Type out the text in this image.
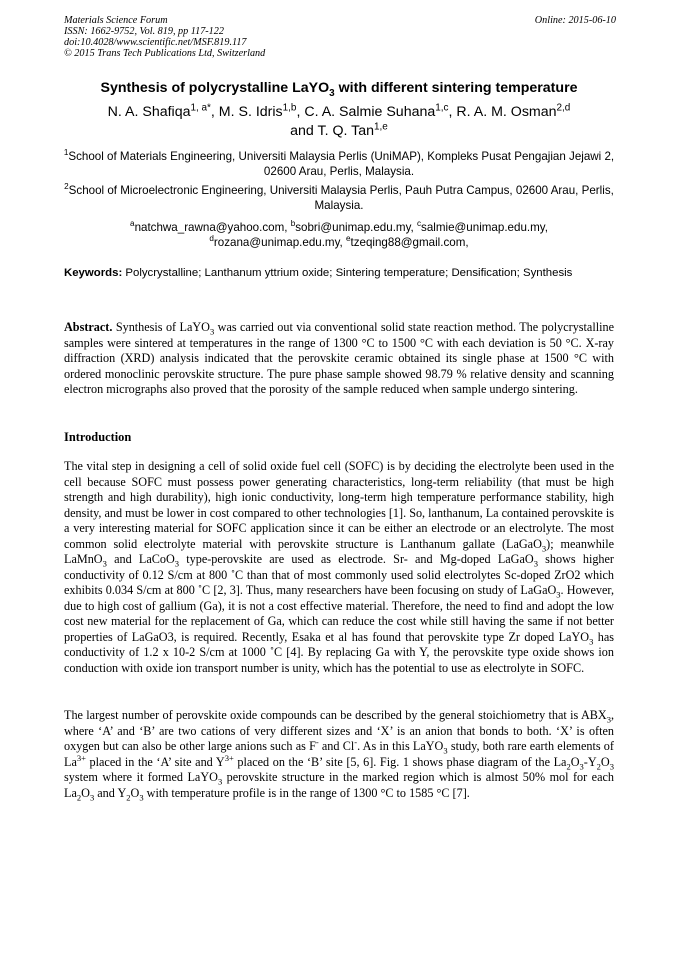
Materials Science Forum
ISSN: 1662-9752, Vol. 819, pp 117-122
doi:10.4028/www.scientific.net/MSF.819.117
© 2015 Trans Tech Publications Ltd, Switzerland
Online: 2015-06-10
Synthesis of polycrystalline LaYO$_3$ with different sintering temperature
N. A. Shafiqa$^{1, a*}$, M. S. Idris$^{1,b}$, C. A. Salmie Suhana$^{1,c}$, R. A. M. Osman$^{2,d}$
and T. Q. Tan$^{1,e}$
$^1$School of Materials Engineering, Universiti Malaysia Perlis (UniMAP), Kompleks Pusat Pengajian Jejawi 2, 02600 Arau, Perlis, Malaysia.
$^2$School of Microelectronic Engineering, Universiti Malaysia Perlis, Pauh Putra Campus, 02600 Arau, Perlis, Malaysia.
$^a$natchwa_rawna@yahoo.com, $^b$sobri@unimap.edu.my, $^c$salmie@unimap.edu.my,
$^d$rozana@unimap.edu.my, $^e$tzeqing88@gmail.com,
Keywords: Polycrystalline; Lanthanum yttrium oxide; Sintering temperature; Densification; Synthesis
Abstract. Synthesis of LaYO$_3$ was carried out via conventional solid state reaction method. The polycrystalline samples were sintered at temperatures in the range of 1300 °C to 1500 °C with each deviation is 50 °C. X-ray diffraction (XRD) analysis indicated that the perovskite ceramic obtained its single phase at 1500 °C with ordered monoclinic perovskite structure. The pure phase sample showed 98.79 % relative density and scanning electron micrographs also proved that the porosity of the sample reduced when sample undergo sintering.
Introduction
The vital step in designing a cell of solid oxide fuel cell (SOFC) is by deciding the electrolyte been used in the cell because SOFC must possess power generating characteristics, long-term reliability (that must be high strength and high durability), high ionic conductivity, long-term high temperature performance stability, high density, and must be lower in cost compared to other technologies [1]. So, lanthanum, La contained perovskite is a very interesting material for SOFC application since it can be either an electrode or an electrolyte. The most common solid electrolyte material with perovskite structure is Lanthanum gallate (LaGaO$_3$); meanwhile LaMnO$_3$ and LaCoO$_3$ type-perovskite are used as electrode. Sr- and Mg-doped LaGaO$_3$ shows higher conductivity of 0.12 S/cm at 800 ˚C than that of most commonly used solid electrolytes Sc-doped ZrO2 which exhibits 0.034 S/cm at 800 ˚C [2, 3]. Thus, many researchers have been focusing on study of LaGaO$_3$. However, due to high cost of gallium (Ga), it is not a cost effective material. Therefore, the need to find and adopt the low cost new material for the replacement of Ga, which can reduce the cost while still having the same if not better properties of LaGaO3, is required. Recently, Esaka et al has found that perovskite type Zr doped LaYO$_3$ has conductivity of 1.2 x 10-2 S/cm at 1000 ˚C [4]. By replacing Ga with Y, the perovskite type oxide shows ion conduction with oxide ion transport number is unity, which has the potential to use as electrolyte in SOFC.
The largest number of perovskite oxide compounds can be described by the general stoichiometry that is $ABX_3$, where ‘A’ and ‘B’ are two cations of very different sizes and ‘X’ is an anion that bonds to both. ‘X’ is often oxygen but can also be other large anions such as F- and Cl-. As in this LaYO$_3$ study, both rare earth elements of $La^{3+}$ placed in the ‘A’ site and $Y^{3+}$ placed on the ‘B’ site [5, 6]. Fig. 1 shows phase diagram of the $La_2O_3-Y_2O_3$ system where it formed LaYO$_3$ perovskite structure in the marked region which is almost 50% mol for each $La_2O_3$ and $Y_2O_3$ with temperature profile is in the range of 1300 °C to 1585 °C [7].
